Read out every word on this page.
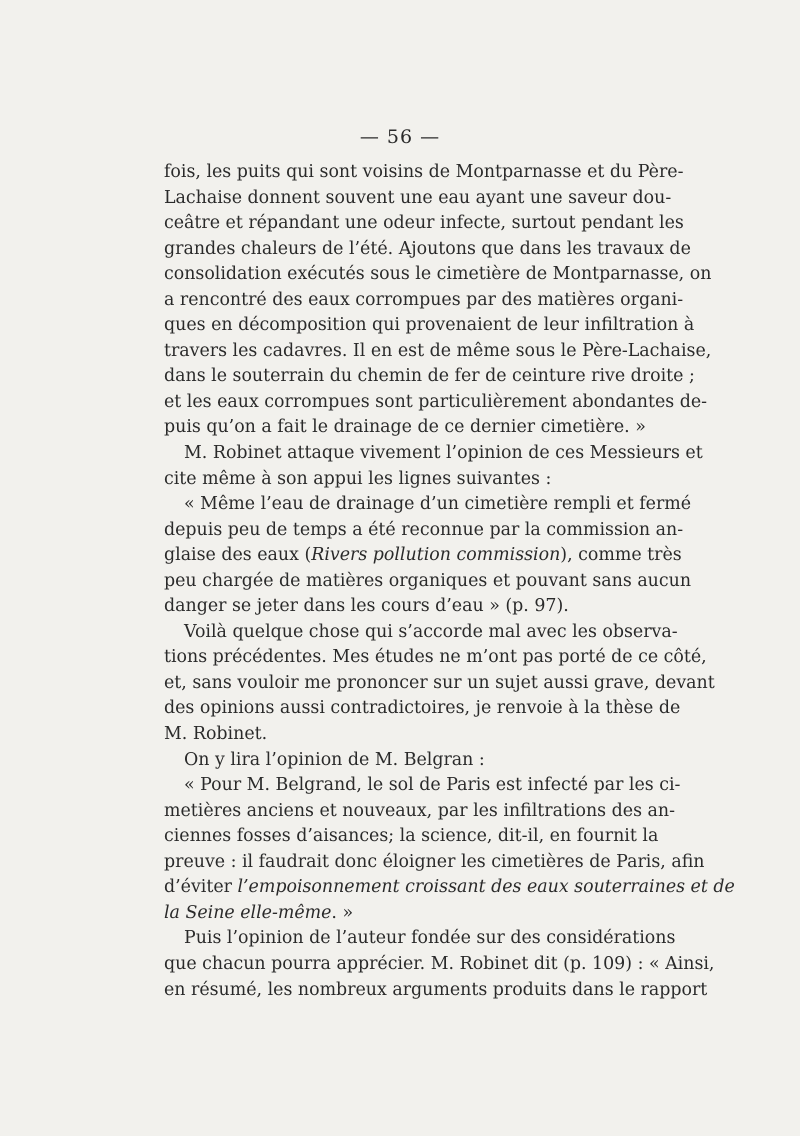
— 56 —
fois, les puits qui sont voisins de Montparnasse et du Père-
Lachaise donnent souvent une eau ayant une saveur dou-
ceâtre et répandant une odeur infecte, surtout pendant les
grandes chaleurs de l’été. Ajoutons que dans les travaux de
consolidation exécutés sous le cimetière de Montparnasse, on
a rencontré des eaux corrompues par des matières organi-
ques en décomposition qui provenaient de leur infiltration à
travers les cadavres. Il en est de même sous le Père-Lachaise,
dans le souterrain du chemin de fer de ceinture rive droite ;
et les eaux corrompues sont particulièrement abondantes de-
puis qu’on a fait le drainage de ce dernier cimetière. »
M. Robinet attaque vivement l’opinion de ces Messieurs et
cite même à son appui les lignes suivantes :
« Même l’eau de drainage d’un cimetière rempli et fermé
depuis peu de temps a été reconnue par la commission an-
glaise des eaux (Rivers pollution commission), comme très
peu chargée de matières organiques et pouvant sans aucun
danger se jeter dans les cours d’eau » (p. 97).
Voilà quelque chose qui s’accorde mal avec les observa-
tions précédentes. Mes études ne m’ont pas porté de ce côté,
et, sans vouloir me prononcer sur un sujet aussi grave, devant
des opinions aussi contradictoires, je renvoie à la thèse de
M. Robinet.
On y lira l’opinion de M. Belgran :
« Pour M. Belgrand, le sol de Paris est infecté par les ci-
metières anciens et nouveaux, par les infiltrations des an-
ciennes fosses d’aisances; la science, dit-il, en fournit la
preuve : il faudrait donc éloigner les cimetières de Paris, afin
d’éviter l’empoisonnement croissant des eaux souterraines et de
la Seine elle-même. »
Puis l’opinion de l’auteur fondée sur des considérations
que chacun pourra apprécier. M. Robinet dit (p. 109) : « Ainsi,
en résumé, les nombreux arguments produits dans le rapport
